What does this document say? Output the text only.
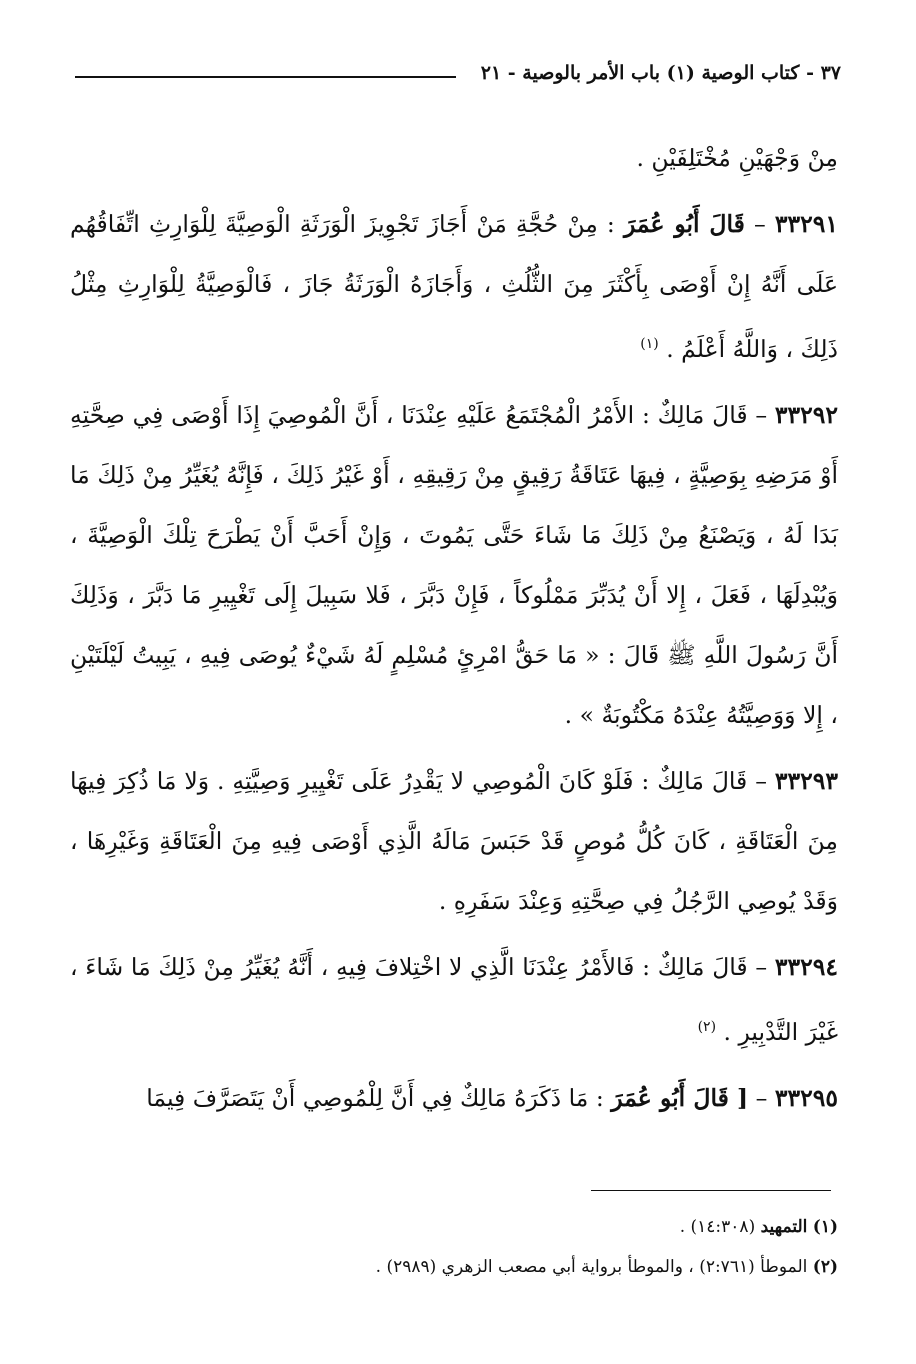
٣٧ - كتاب الوصية (١) باب الأمر بالوصية - ٢١

مِنْ وَجْهَيْنِ مُخْتَلِفَيْنِ .

٣٣٢٩١ – قَالَ أَبُو عُمَرَ : مِنْ حُجَّةِ مَنْ أَجَازَ تَجْوِيزَ الْوَرَثَةِ الْوَصِيَّةَ لِلْوَارِثِ اتِّفَاقُهُم عَلَى أَنَّهُ إِنْ أَوْصَى بِأَكْثَرَ مِنَ الثُّلُثِ ، وَأَجَازَهُ الْوَرَثَةُ جَازَ ، فَالْوَصِيَّةُ لِلْوَارِثِ مِثْلُ ذَلِكَ ، وَاللَّهُ أَعْلَمُ . $^{(١)}$

٣٣٢٩٢ – قَالَ مَالِكٌ : الأَمْرُ الْمُجْتَمَعُ عَلَيْهِ عِنْدَنَا ، أَنَّ الْمُوصِيَ إِذَا أَوْصَى فِي صِحَّتِهِ أَوْ مَرَضِهِ بِوَصِيَّةٍ ، فِيهَا عَتَاقَةُ رَقِيقٍ مِنْ رَقِيقِهِ ، أَوْ غَيْرُ ذَلِكَ ، فَإِنَّهُ يُغَيِّرُ مِنْ ذَلِكَ مَا بَدَا لَهُ ، وَيَصْنَعُ مِنْ ذَلِكَ مَا شَاءَ حَتَّى يَمُوتَ ، وَإِنْ أَحَبَّ أَنْ يَطْرَحَ تِلْكَ الْوَصِيَّةَ ، وَيُبْدِلَهَا ، فَعَلَ ، إِلا أَنْ يُدَبِّرَ مَمْلُوكاً ، فَإِنْ دَبَّرَ ، فَلا سَبِيلَ إِلَى تَغْيِيرِ مَا دَبَّرَ ، وَذَلِكَ أَنَّ رَسُولَ اللَّهِ ﷺ قَالَ : « مَا حَقُّ امْرِئٍ مُسْلِمٍ لَهُ شَيْءٌ يُوصَى فِيهِ ، يَبِيتُ لَيْلَتَيْنِ ، إِلا وَوَصِيَّتُهُ عِنْدَهُ مَكْتُوبَةٌ » .

٣٣٢٩٣ – قَالَ مَالِكٌ : فَلَوْ كَانَ الْمُوصِي لا يَقْدِرُ عَلَى تَغْيِيرِ وَصِيَّتِهِ . وَلا مَا ذُكِرَ فِيهَا مِنَ الْعَتَاقَةِ ، كَانَ كُلُّ مُوصٍ قَدْ حَبَسَ مَالَهُ الَّذِي أَوْصَى فِيهِ مِنَ الْعَتَاقَةِ وَغَيْرِهَا ، وَقَدْ يُوصِي الرَّجُلُ فِي صِحَّتِهِ وَعِنْدَ سَفَرِهِ .

٣٣٢٩٤ – قَالَ مَالِكٌ : فَالأَمْرُ عِنْدَنَا الَّذِي لا اخْتِلافَ فِيهِ ، أَنَّهُ يُغَيِّرُ مِنْ ذَلِكَ مَا شَاءَ ، غَيْرَ التَّدْبِيرِ . $^{(٢)}$

٣٣٢٩٥ – [ قَالَ أَبُو عُمَرَ : مَا ذَكَرَهُ مَالِكٌ فِي أَنَّ لِلْمُوصِي أَنْ يَتَصَرَّفَ فِيمَا

(١) التمهيد (١٤:٣٠٨) .

(٢) الموطأ (٢:٧٦١) ، والموطأ برواية أبي مصعب الزهري (٢٩٨٩) .
